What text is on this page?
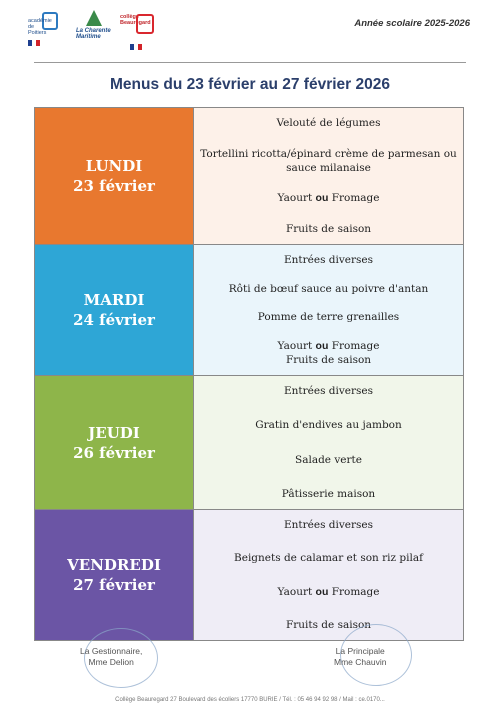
académie de Poitiers	La Charente Maritime
collège Beauregard	Année scolaire 2025-2026
Menus du 23 février au 27 février 2026
LUNDI
23 février
Velouté de légumes
Tortellini ricotta/épinard crème de parmesan ou sauce milanaise
Yaourt ou Fromage
Fruits de saison
MARDI
24 février
Entrées diverses
Rôti de bœuf sauce au poivre d'antan
Pomme de terre grenailles
Yaourt ou Fromage
Fruits de saison
JEUDI
26 février
Entrées diverses
Gratin d'endives au jambon
Salade verte
Pâtisserie maison
VENDREDI
27 février
Entrées diverses
Beignets de calamar et son riz pilaf
Yaourt ou Fromage
Fruits de saison
La Gestionnaire,
Mme Delion
La Principale
Mme Chauvin
Collège Beauregard 27 Boulevard des écoliers 17770 BURIE / Tél. : 05 46 94 92 98 / Mail : ce.0170...
